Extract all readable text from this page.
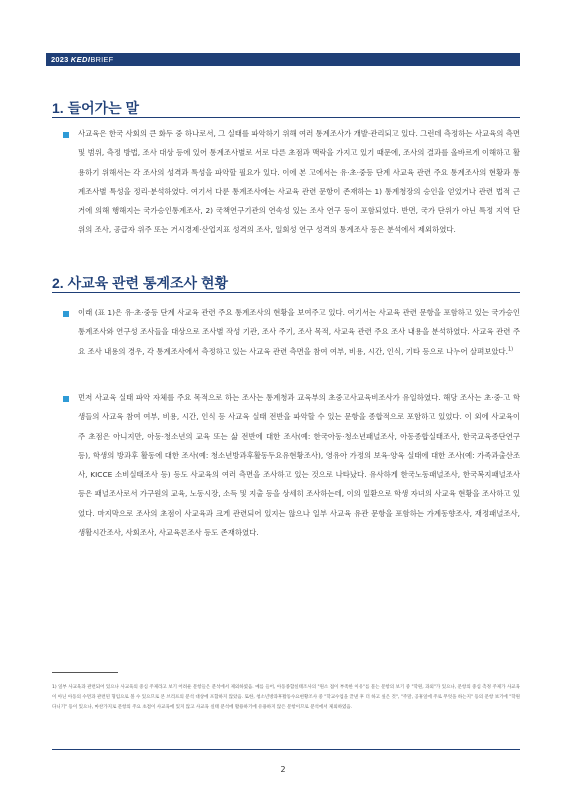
2023 KEDIBRIEF
1. 들어가는 말

사교육은 한국 사회의 큰 화두 중 하나로서, 그 실태를 파악하기 위해 여러 통계조사가 개발·관리되고 있다. 그런데 측정하는 사교육의 측면 및 범위, 측정 방법, 조사 대상 등에 있어 통계조사별로 서로 다른 초점과 맥락을 가지고 있기 때문에, 조사의 결과를 올바르게 이해하고 활용하기 위해서는 각 조사의 성격과 특성을 파악할 필요가 있다. 이에 본 고에서는 유·초·중등 단계 사교육 관련 주요 통계조사의 현황과 통계조사별 특성을 정리·분석하였다. 여기서 다룬 통계조사에는 사교육 관련 문항이 존재하는 1) 통계청장의 승인을 얻었거나 관련 법적 근거에 의해 행해지는 국가승인통계조사, 2) 국책연구기관의 연속성 있는 조사 연구 등이 포함되었다. 반면, 국가 단위가 아닌 특정 지역 단위의 조사, 공급자 위주 또는 거시경제·산업지표 성격의 조사, 일회성 연구 성격의 통계조사 등은 분석에서 제외하였다.

2. 사교육 관련 통계조사 현황

이래 (표 1)은 유·초·중등 단계 사교육 관련 주요 통계조사의 현황을 보여주고 있다. 여기서는 사교육 관련 문항을 포함하고 있는 국가승인통계조사와 연구성 조사들을 대상으로 조사별 작성 기관, 조사 주기, 조사 목적, 사교육 관련 주요 조사 내용을 분석하였다. 사교육 관련 주요 조사 내용의 경우, 각 통계조사에서 측정하고 있는 사교육 관련 측면을 참여 여부, 비용, 시간, 인식, 기타 등으로 나누어 살펴보았다.$^{1)}$

먼저 사교육 실태 파악 자체를 주요 목적으로 하는 조사는 통계청과 교육부의 초중고사교육비조사가 유일하였다. 해당 조사는 초·중·고 학생들의 사교육 참여 여부, 비용, 시간, 인식 등 사교육 실태 전반을 파악할 수 있는 문항을 종합적으로 포함하고 있었다. 이 외에 사교육이 주 초점은 아니지만, 아동·청소년의 교육 또는 삶 전반에 대한 조사(예: 한국아동·청소년패널조사, 아동종합실태조사, 한국교육종단연구 등), 학생의 방과후 활동에 대한 조사(예: 청소년방과후활동두요유현황조사), 영유아 가정의 보육·양육 실태에 대한 조사(예: 가족과출산조사, KICCE 소비실태조사 등) 등도 사교육의 여러 측면을 조사하고 있는 것으로 나타났다. 유사하게 한국노동패널조사, 한국복지패널조사 등은 패널조사로서 가구원의 교육, 노동시장, 소득 및 지출 등을 상세히 조사하는데, 이의 일환으로 학생 자녀의 사교육 현황을 조사하고 있었다. 마지막으로 조사의 초점이 사교육과 크게 관련되어 있지는 않으나 일부 사교육 유관 문항을 포함하는 가계동향조사, 재정패널조사, 생활시간조사, 사회조사, 사교육론조사 등도 존재하였다.

1) 일부 사교육과 관련되어 있으나 사교육의 중심 주제라고 보기 어려운 문항들은 분석에서 제외하였음. 예를 들어, 아동종합실태조사의 "원소 접이 부족한 이유"를 묻는 문항의 보기 중 "학원, 과외"가 있으나, 문항의 중심 측정 주제가 사교육이 아닌 아동의 수면과 관련된 형임으로 볼 수 있으므로 본 브리프의 분석 대상에 포함하지 않았음. 또한, 청소년방과후활동수요현황조사 중 "학교수업을 끝낸 후 더 하고 싶은 것", "주말, 공휴일에 주로 무엇을 하는지" 등의 문항 보기에 "학원 다니기" 등이 있으나, 마찬가지로 문항의 주요 초점이 사교육에 있지 않고 사교육 실태 분석에 활용하기에 유용하지 않은 문항이므로 분석에서 제외하였음.

2
